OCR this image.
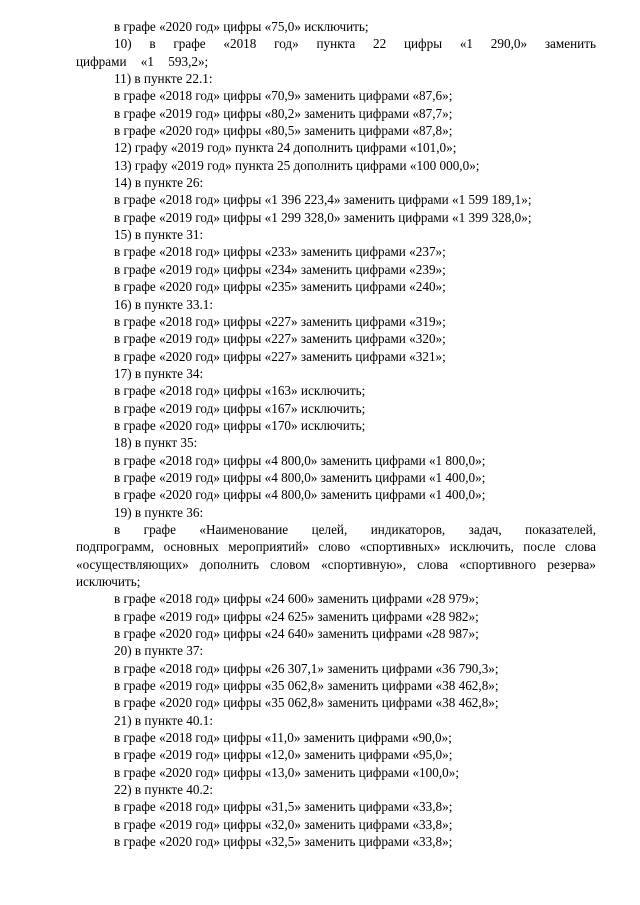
в графе «2020 год» цифры «75,0» исключить;

10) в графе «2018 год» пункта 22 цифры «1 290,0» заменить цифрами «1 593,2»;

11) в пункте 22.1:

в графе «2018 год» цифры «70,9» заменить цифрами «87,6»;

в графе «2019 год» цифры «80,2» заменить цифрами «87,7»;

в графе «2020 год» цифры «80,5» заменить цифрами «87,8»;

12) графу «2019 год» пункта 24 дополнить цифрами «101,0»;

13) графу «2019 год» пункта 25 дополнить цифрами «100 000,0»;

14) в пункте 26:

в графе «2018 год» цифры «1 396 223,4» заменить цифрами «1 599 189,1»;

в графе «2019 год» цифры «1 299 328,0» заменить цифрами «1 399 328,0»;

15) в пункте 31:

в графе «2018 год» цифры «233» заменить цифрами «237»;

в графе «2019 год» цифры «234» заменить цифрами «239»;

в графе «2020 год» цифры «235» заменить цифрами «240»;

16) в пункте 33.1:

в графе «2018 год» цифры «227» заменить цифрами «319»;

в графе «2019 год» цифры «227» заменить цифрами «320»;

в графе «2020 год» цифры «227» заменить цифрами «321»;

17) в пункте 34:

в графе «2018 год» цифры «163» исключить;

в графе «2019 год» цифры «167» исключить;

в графе «2020 год» цифры «170» исключить;

18) в пункт 35:

в графе «2018 год» цифры «4 800,0» заменить цифрами «1 800,0»;

в графе «2019 год» цифры «4 800,0» заменить цифрами «1 400,0»;

в графе «2020 год» цифры «4 800,0» заменить цифрами «1 400,0»;

19) в пункте 36:

в графе «Наименование целей, индикаторов, задач, показателей, подпрограмм, основных мероприятий» слово «спортивных» исключить, после слова «осуществляющих» дополнить словом «спортивную», слова «спортивного резерва» исключить;

в графе «2018 год» цифры «24 600» заменить цифрами «28 979»;

в графе «2019 год» цифры «24 625» заменить цифрами «28 982»;

в графе «2020 год» цифры «24 640» заменить цифрами «28 987»;

20) в пункте 37:

в графе «2018 год» цифры «26 307,1» заменить цифрами «36 790,3»;

в графе «2019 год» цифры «35 062,8» заменить цифрами «38 462,8»;

в графе «2020 год» цифры «35 062,8» заменить цифрами «38 462,8»;

21) в пункте 40.1:

в графе «2018 год» цифры «11,0» заменить цифрами «90,0»;

в графе «2019 год» цифры «12,0» заменить цифрами «95,0»;

в графе «2020 год» цифры «13,0» заменить цифрами «100,0»;

22) в пункте 40.2:

в графе «2018 год» цифры «31,5» заменить цифрами «33,8»;

в графе «2019 год» цифры «32,0» заменить цифрами «33,8»;

в графе «2020 год» цифры «32,5» заменить цифрами «33,8»;
